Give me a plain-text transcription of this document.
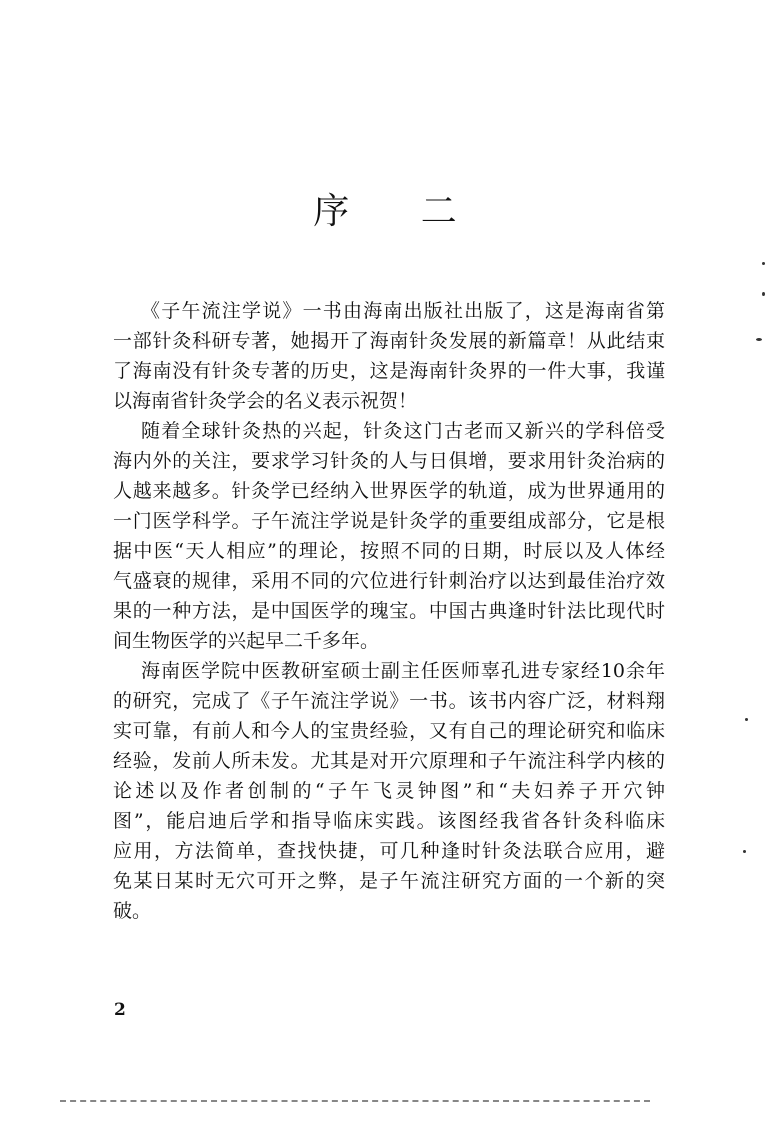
序 二
《子午流注学说》一书由海南出版社出版了，这是海南省第
一部针灸科研专著，她揭开了海南针灸发展的新篇章！从此结束
了海南没有针灸专著的历史，这是海南针灸界的一件大事，我谨
以海南省针灸学会的名义表示祝贺！
随着全球针灸热的兴起，针灸这门古老而又新兴的学科倍受
海内外的关注，要求学习针灸的人与日俱增，要求用针灸治病的
人越来越多。针灸学已经纳入世界医学的轨道，成为世界通用的
一门医学科学。子午流注学说是针灸学的重要组成部分，它是根
据中医“天人相应”的理论，按照不同的日期，时辰以及人体经
气盛衰的规律，采用不同的穴位进行针刺治疗以达到最佳治疗效
果的一种方法，是中国医学的瑰宝。中国古典逢时针法比现代时
间生物医学的兴起早二千多年。
海南医学院中医教研室硕士副主任医师辜孔进专家经10余年
的研究，完成了《子午流注学说》一书。该书内容广泛，材料翔
实可靠，有前人和今人的宝贵经验，又有自己的理论研究和临床
经验，发前人所未发。尤其是对开穴原理和子午流注科学内核的
论述以及作者创制的“子午飞灵钟图”和“夫妇养子开穴钟
图”，能启迪后学和指导临床实践。该图经我省各针灸科临床
应用，方法简单，查找快捷，可几种逢时针灸法联合应用，避
免某日某时无穴可开之弊，是子午流注研究方面的一个新的突
破。
2
